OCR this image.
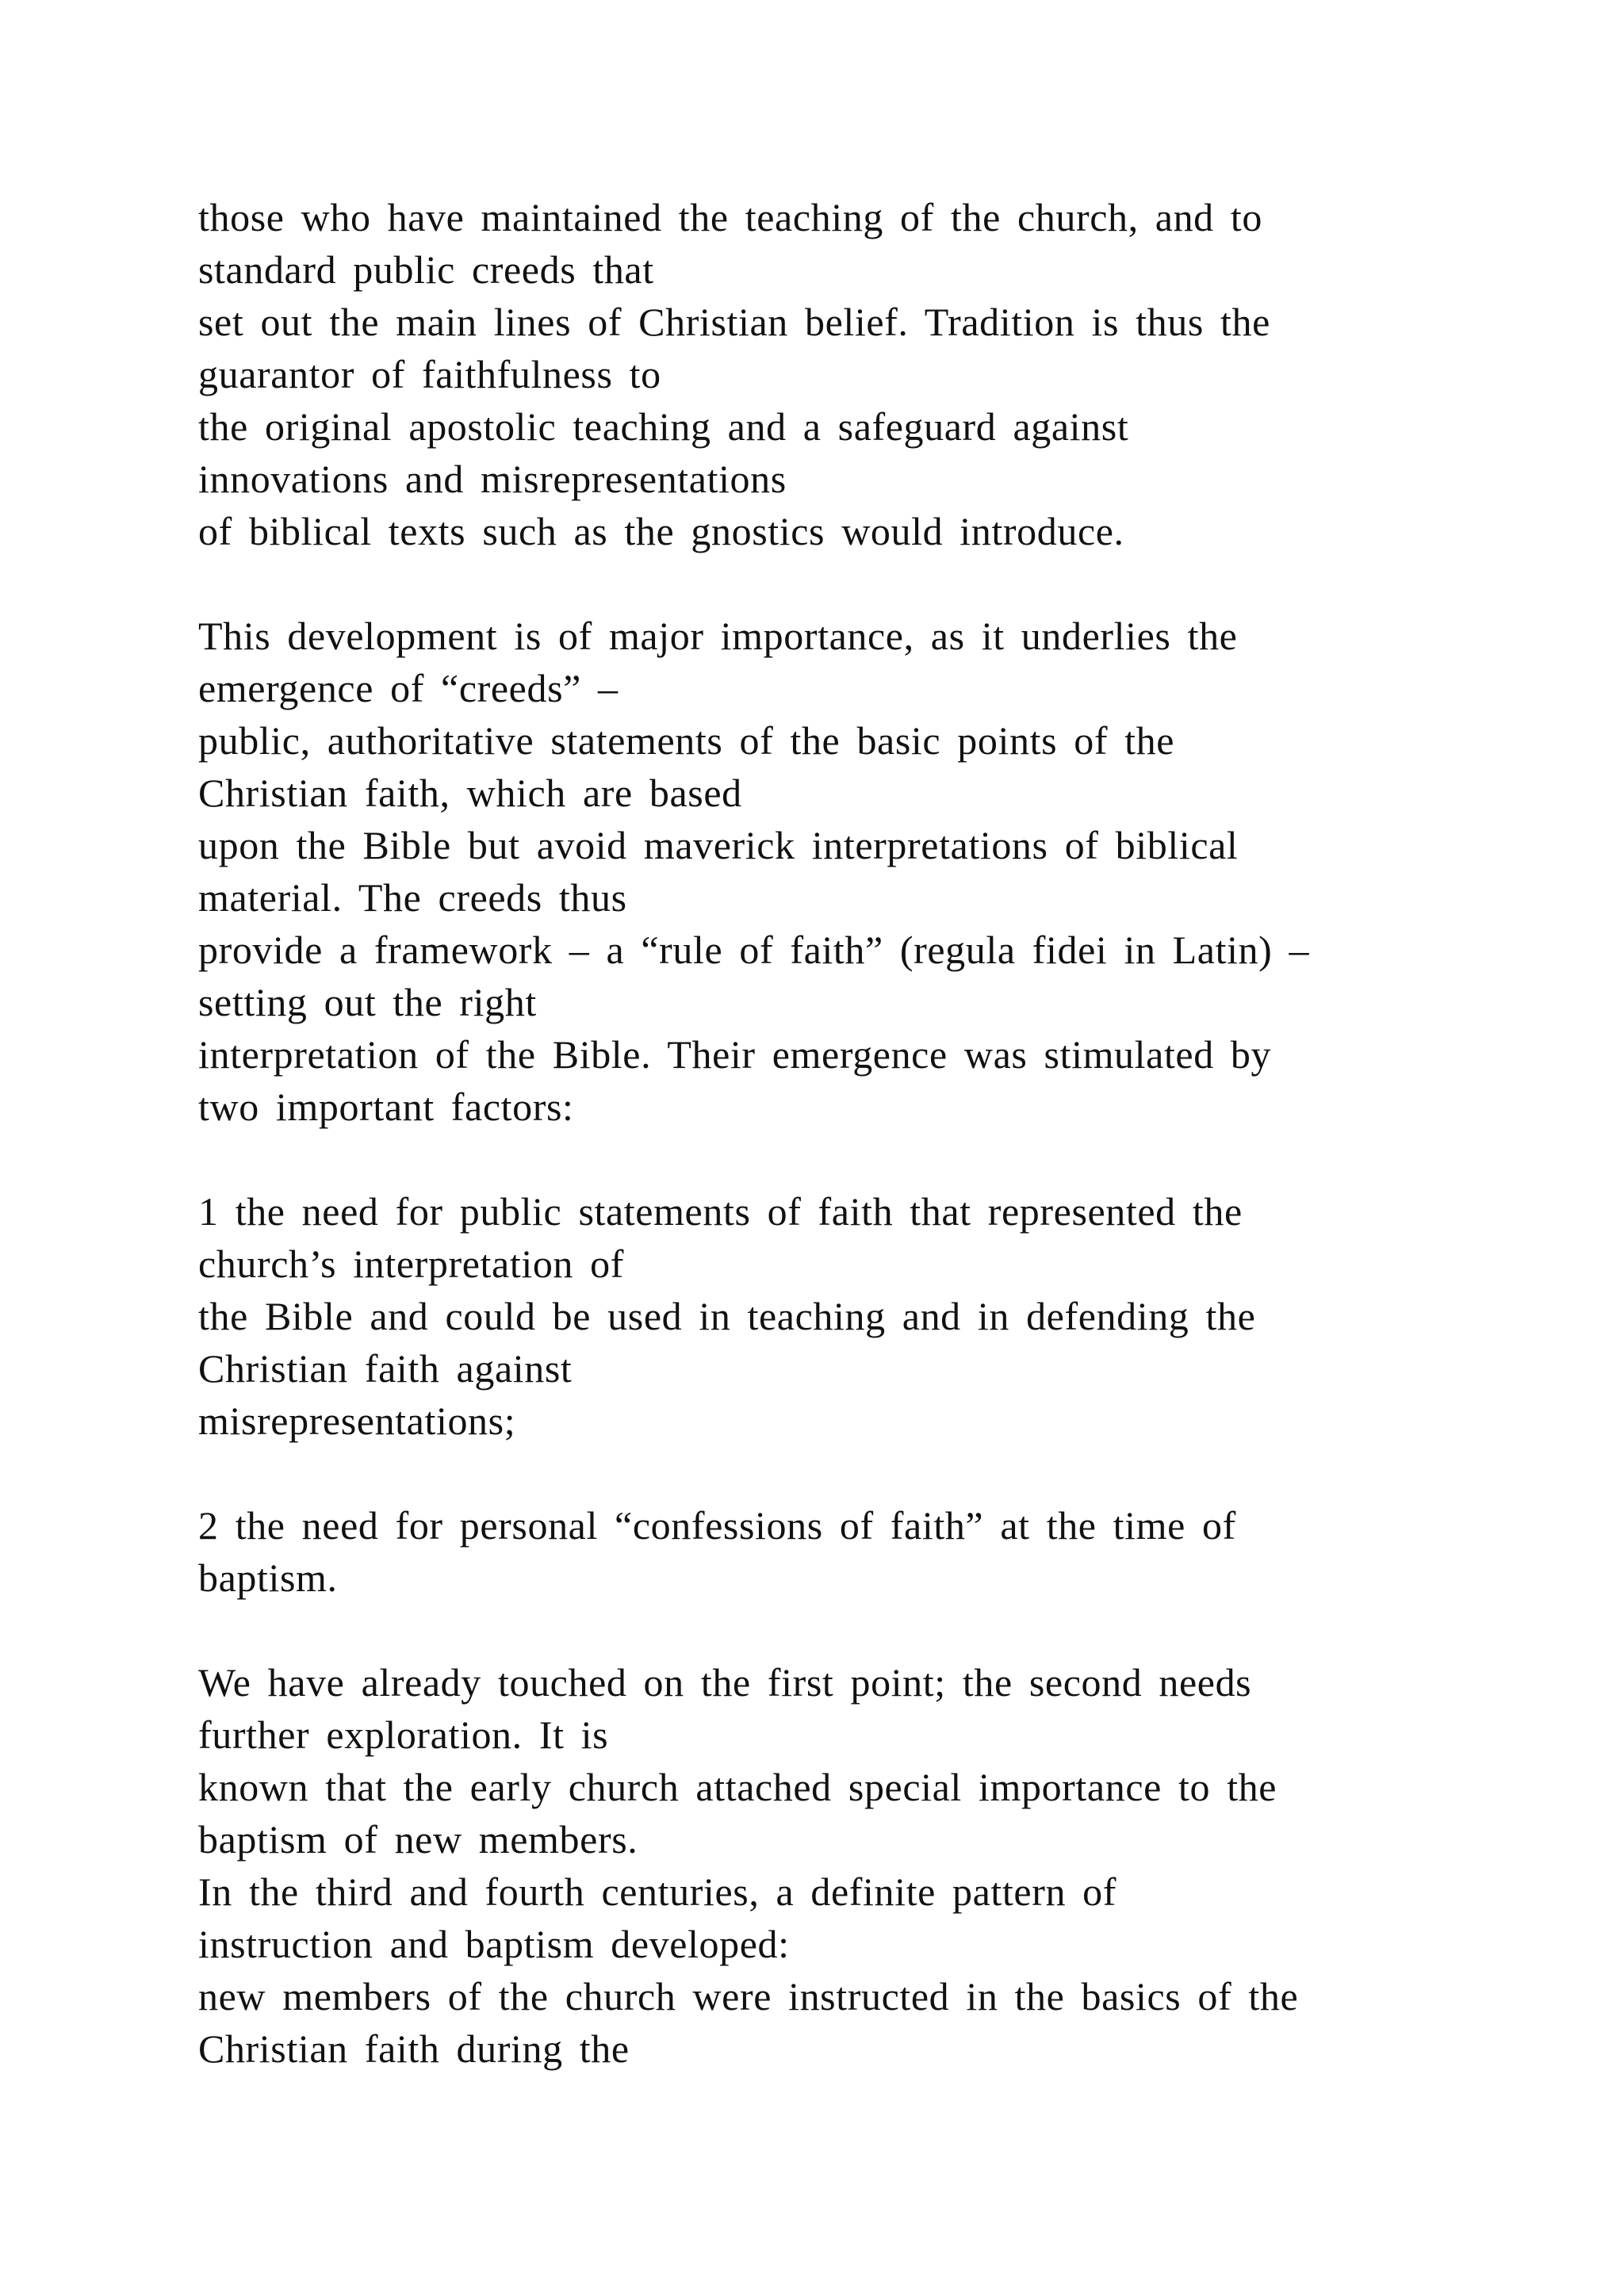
those who have maintained the teaching of the church, and to
standard public creeds that
set out the main lines of Christian belief. Tradition is thus the
guarantor of faithfulness to
the original apostolic teaching and a safeguard against
innovations and misrepresentations
of biblical texts such as the gnostics would introduce.
This development is of major importance, as it underlies the
emergence of “creeds” –
public, authoritative statements of the basic points of the
Christian faith, which are based
upon the Bible but avoid maverick interpretations of biblical
material. The creeds thus
provide a framework – a “rule of faith” (regula fidei in Latin) –
setting out the right
interpretation of the Bible. Their emergence was stimulated by
two important factors:
1 the need for public statements of faith that represented the
church’s interpretation of
the Bible and could be used in teaching and in defending the
Christian faith against
misrepresentations;
2 the need for personal “confessions of faith” at the time of
baptism.
We have already touched on the first point; the second needs
further exploration. It is
known that the early church attached special importance to the
baptism of new members.
In the third and fourth centuries, a definite pattern of
instruction and baptism developed:
new members of the church were instructed in the basics of the
Christian faith during the
